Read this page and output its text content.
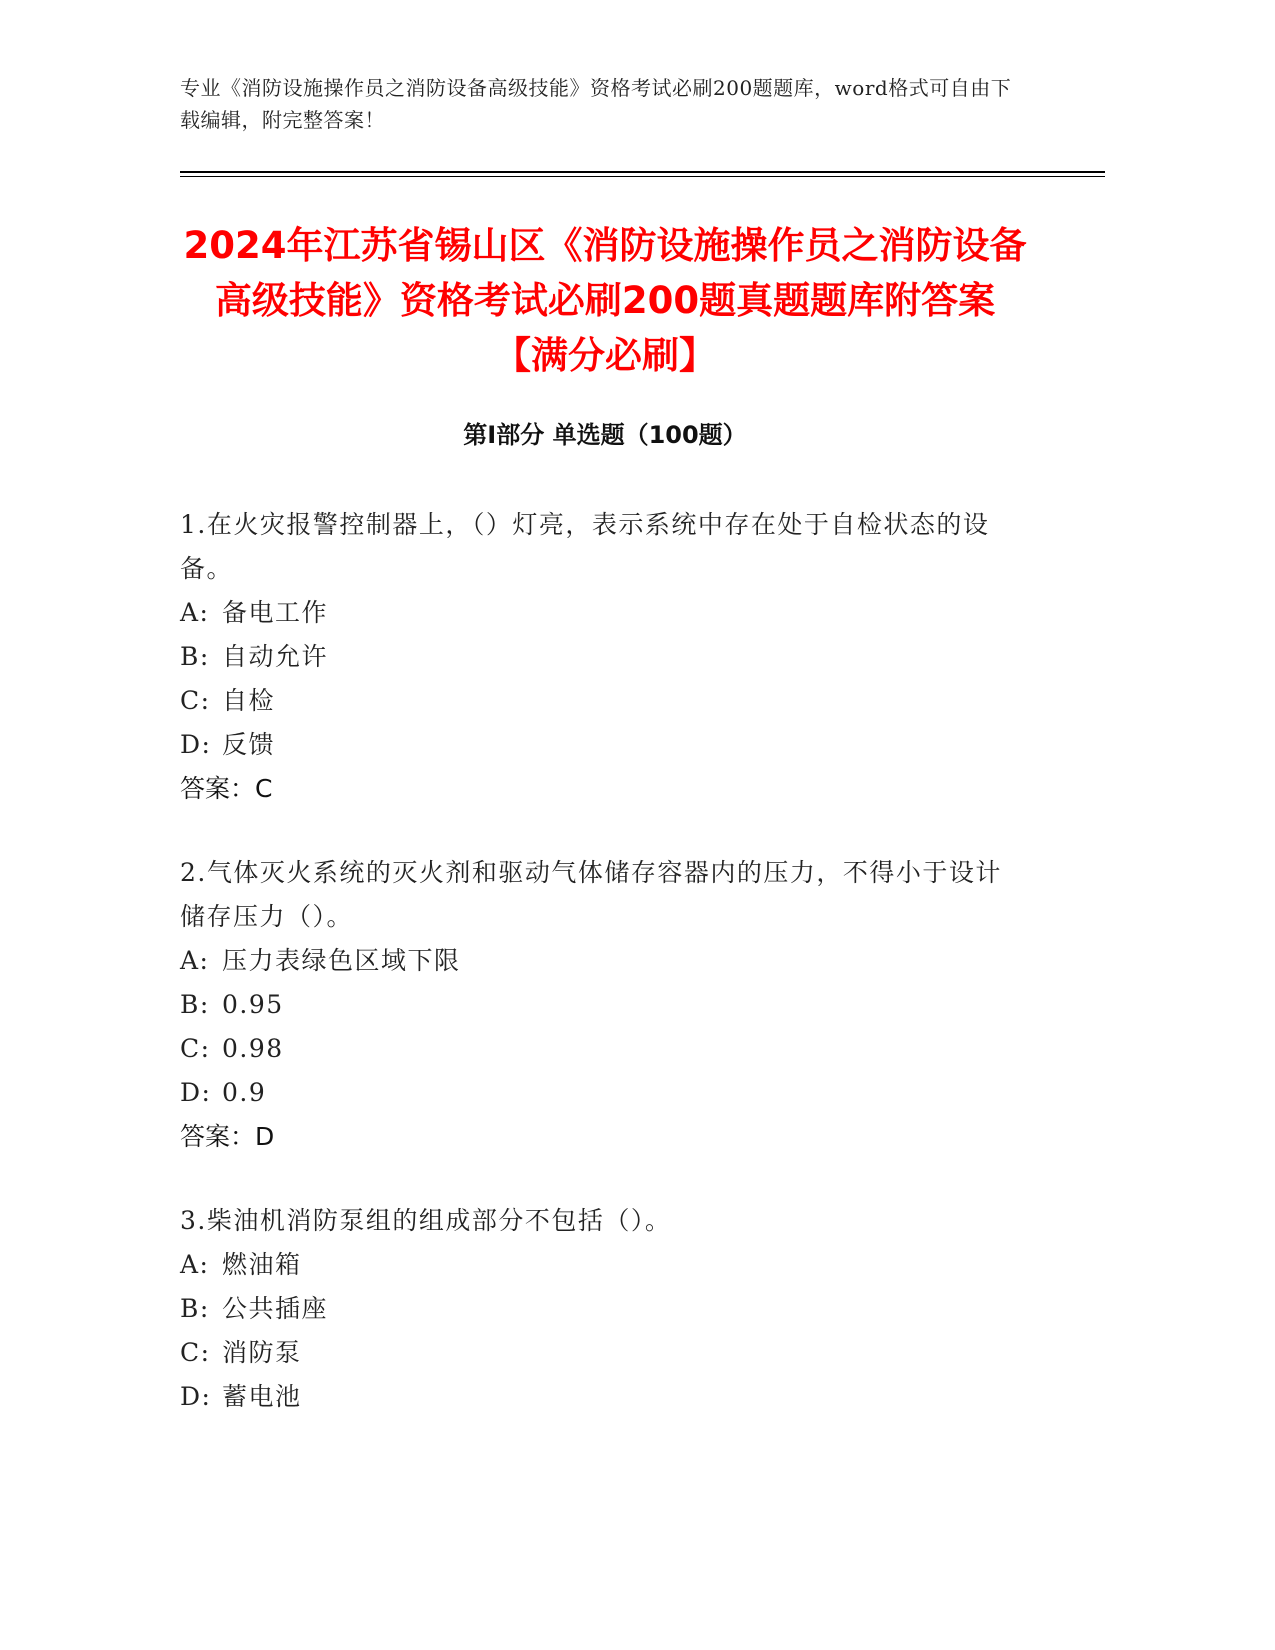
专业《消防设施操作员之消防设备高级技能》资格考试必刷200题题库，word格式可自由下载编辑，附完整答案！
2024年江苏省锡山区《消防设施操作员之消防设备高级技能》资格考试必刷200题真题题库附答案【满分必刷】
第Ⅰ部分 单选题（100题）
1.在火灾报警控制器上，（）灯亮，表示系统中存在处于自检状态的设备。
A: 备电工作
B: 自动允许
C: 自检
D: 反馈
答案：C
2.气体灭火系统的灭火剂和驱动气体储存容器内的压力，不得小于设计储存压力（）。
A: 压力表绿色区域下限
B: 0.95
C: 0.98
D: 0.9
答案：D
3.柴油机消防泵组的组成部分不包括（）。
A: 燃油箱
B: 公共插座
C: 消防泵
D: 蓄电池
